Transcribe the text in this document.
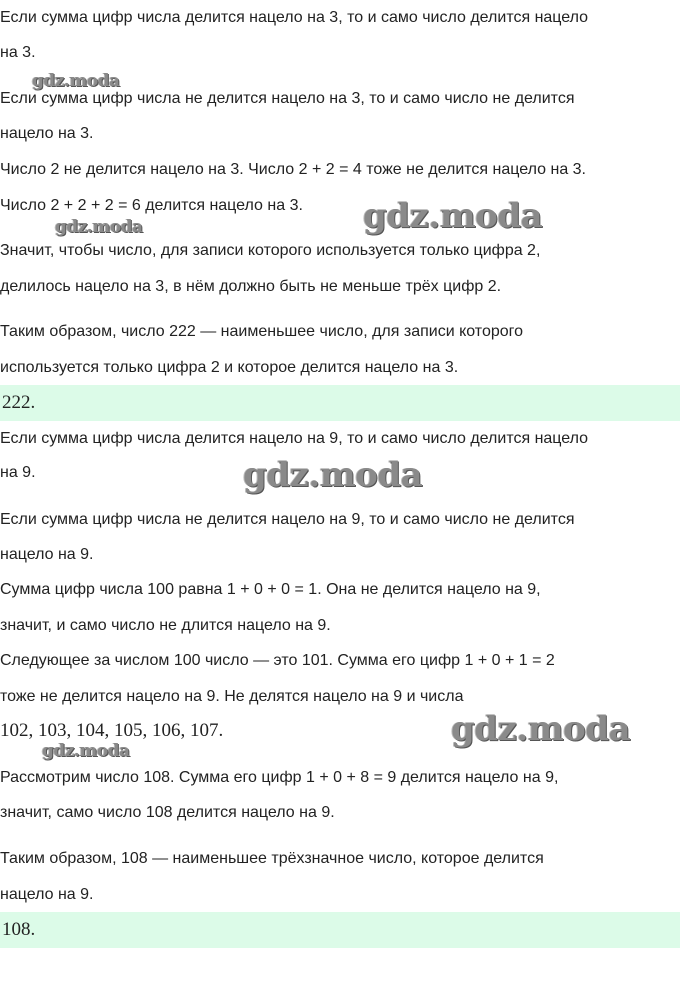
Если сумма цифр числа делится нацело на 3, то и само число делится нацело
на 3.
Если сумма цифр числа не делится нацело на 3, то и само число не делится
нацело на 3.
Число 2 не делится нацело на 3. Число 2 + 2 = 4 тоже не делится нацело на 3.
Число 2 + 2 + 2 = 6 делится нацело на 3.
Значит, чтобы число, для записи которого используется только цифра 2,
делилось нацело на 3, в нём должно быть не меньше трёх цифр 2.
Таким образом, число 222 — наименьшее число, для записи которого
используется только цифра 2 и которое делится нацело на 3.
222.
Если сумма цифр числа делится нацело на 9, то и само число делится нацело
на 9.
Если сумма цифр числа не делится нацело на 9, то и само число не делится
нацело на 9.
Сумма цифр числа 100 равна 1 + 0 + 0 = 1. Она не делится нацело на 9,
значит, и само число не длится нацело на 9.
Следующее за числом 100 число — это 101. Сумма его цифр 1 + 0 + 1 = 2
тоже не делится нацело на 9. Не делятся нацело на 9 и числа
102, 103, 104, 105, 106, 107.
Рассмотрим число 108. Сумма его цифр 1 + 0 + 8 = 9 делится нацело на 9,
значит, само число 108 делится нацело на 9.
Таким образом, 108 — наименьшее трёхзначное число, которое делится
нацело на 9.
108.
gdz.moda
gdz.moda	gdz.moda
gdz.moda
gdz.moda
gdz.moda
